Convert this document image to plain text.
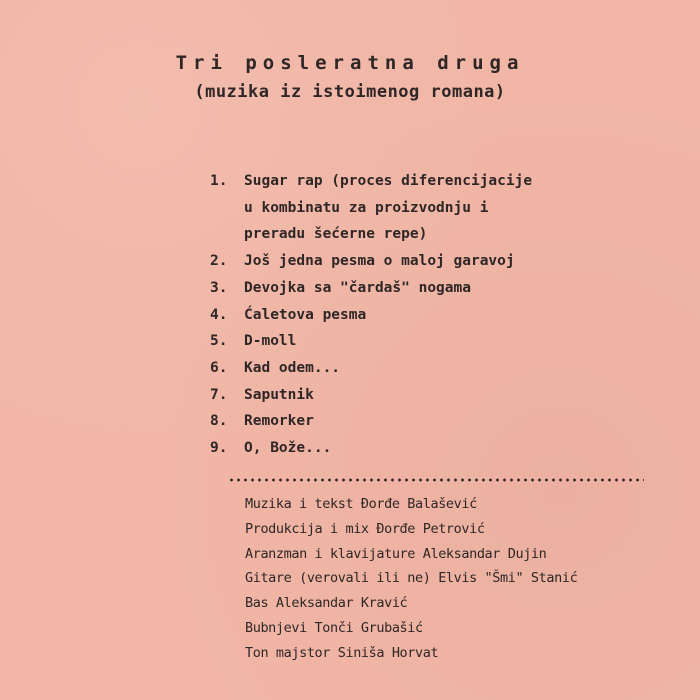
Tri posleratna druga
(muzika iz istoimenog romana)
1.	Sugar rap (proces diferencijacije
u kombinatu za proizvodnju i
preradu šećerne repe)
2.	Još jedna pesma o maloj garavoj
3.	Devojka sa "čardaš" nogama
4.	Ćaletova pesma
5.	D-moll
6.	Kad odem...
7.	Saputnik
8.	Remorker
9.	O, Bože...
Muzika i tekst Đorđe Balašević
Produkcija i mix Đorđe Petrović
Aranzman i klavijature Aleksandar Dujin
Gitare (verovali ili ne) Elvis "Šmi" Stanić
Bas Aleksandar Kravić
Bubnjevi Tonči Grubašić
Ton majstor Siniša Horvat
